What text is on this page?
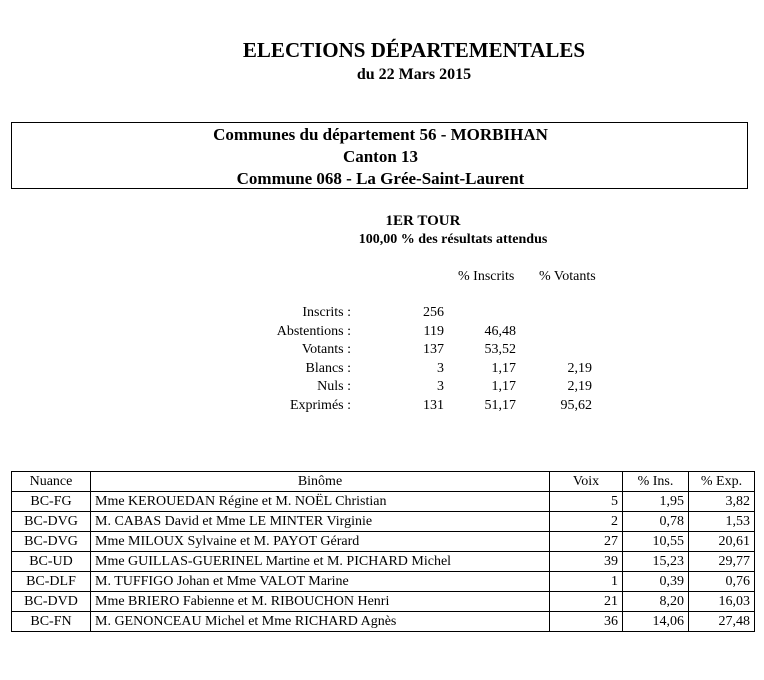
ELECTIONS DÉPARTEMENTALES
du 22 Mars 2015
Communes du département 56 - MORBIHAN
Canton 13
Commune 068 - La Grée-Saint-Laurent
1ER TOUR
100,00 % des résultats attendus
% Inscrits % Votants
Inscrits :	256
Abstentions :	119	46,48
Votants :	137	53,52
Blancs :	3	1,17	2,19
Nuls :	3	1,17	2,19
Exprimés :	131	51,17	95,62
Nuance	Binôme	Voix	% Ins.	% Exp.
BC-FG	Mme KEROUEDAN Régine et M. NOËL Christian	5	1,95	3,82
BC-DVG	M. CABAS David et Mme LE MINTER Virginie	2	0,78	1,53
BC-DVG	Mme MILOUX Sylvaine et M. PAYOT Gérard	27	10,55	20,61
BC-UD	Mme GUILLAS-GUERINEL Martine et M. PICHARD Michel	39	15,23	29,77
BC-DLF	M. TUFFIGO Johan et Mme VALOT Marine	1	0,39	0,76
BC-DVD	Mme BRIERO Fabienne et M. RIBOUCHON Henri	21	8,20	16,03
BC-FN	M. GENONCEAU Michel et Mme RICHARD Agnès	36	14,06	27,48
